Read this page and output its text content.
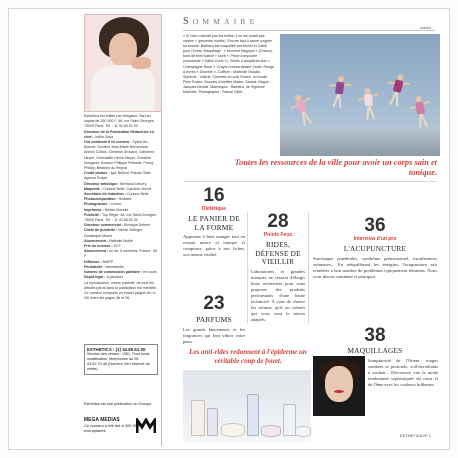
Esthética est éditée par Hérgalon, Sarl au capital de 250 000 F, 58, rue Saint-Georges, 75009 Paris. Tél. : 11 42.85.51.00
Directeur de la Publication Rédactrice en chef : Joëlle Sous
Ont collaboré à ce numéro : Sylvie Bo-Bonnet, Docteur Jean-Marie Benveniste, Annick Collios, Christine Drouard, Catherine Hirsch, Gwenaëlle Hervé-Meyer, Christine Nougaret, Docteur Philippe Pelissier, Fanny Philipp, Béatrice du Reynal
Crédit photos : Igor Belloni, Pascal Gillet, Agence Empix
Directeur artistique : Bertrand Delorry
Maquette : Corinne Belle, Caroline Vernet
Secrétaire de rédaction : Corinne Belle
Photocomposition : Scantex
Photogravure : Cromo
Imprimeur : Néotis Moselle
Publicité : Top Régie, 58, rue Saint-Georges, 75009 Paris. Tél. : 11 42.85.51.00
Directeur commercial : Monique Delerm
Chefs de publicité : Nicole Selinger, Dominique Monrs
Abonnement : Nathalie Mollie
Prix du numéro : 15 F
Abonnement : un an, 5 numéros, France : 59 F
Diffusion : NMPP
Périodicité : bimestrielle
Numéro de commission paritaire : en cours
Dépôt légal : à parution
La reproduction, même partielle, de tous les articles parus dans la publication est interdite.
Ce numéro comporte un encart paginé de I à VIII entre les pages 38 et 39.
ESTHETICA : (1) 42.85.51.00
Service des ventes : VSD. Pour toute modification, téléphonez au 05 03.52.70.48 (Numéro Vert réservé de vente).
Esthética est une publication du Groupe
MEGA MEDIAS
Ce numéro a été tiré à 300 000 exemplaires
SOMMAIRE
Actoba
« Si Dieu n'aimait pas les belles, il ne les aurait pas créées » (proverbe hurrite). Encore faut-il savoir soigner sa beauté. Barbara est maquillée par Muriel et Cabel pour l'Oréal. Maquillage : « Moment Magique » (Orlane), fond de teint Satiné « Dorit ». Pièce composée (voussante « Sabel Court »), Vernis à paupières duo « Champagne Rose ». Crayon extraordinaire Violet. Rouge à lèvres « Discrète ». Coiffure : Mathilde Tauzalo. Stylisme : Valérie. Chemise en soie Rosée, un brodé. Plein Rosée. Boucles d'oreilles Mader. Sautoir. Bague : Jacques Benski. Mannequin : Barbara, de Vignimor Mathilde. Photographe : Pascal Gillet.
Toutes les ressources de la ville pour avoir un corps sain et tonique.
16
Diététique
LE PANIER DE LA FORME
Apprenez à bien manger tout en restant mince et tonique et composez, grâce à nos fiches, vos menus vitalité.
28
Points Feux
RIDES, DÉFENSE DE VIEILLIR
Laboratoires et grandes marques ne cessent d'élargir leurs recherches pour vous proposer des produits performants d'une haute technicité. À vous de choisir les sérums, gels ou crèmes qui vous vont le mieux adaptés.
36
Interview d'un pro
L'ACUPUNCTURE
Surcharges pondérales, syndrôme prémenstruel, insuffisances veineuses... En rééquilibrant les énergies, l'acupuncture sait remédier à bon nombre de problèmes typiquement féminins. Nous vous disons comment et pourquoi.
23
PARFUMS
Les grands lancements et les fragrances qui font vibrer votre peau.
Les anti-rides redonnent à l'épiderme un véritable coup de fouet.
38
MAQUILLAGES
Somptuosité de l'Orient, rouges sombres et profonds, voil'envoûtants à souhait... Découvrez vite la mode tendrement sophistiquée du cœur et de l'âme avec les couleurs brûlantes.
ESTHETICA Nº 1
